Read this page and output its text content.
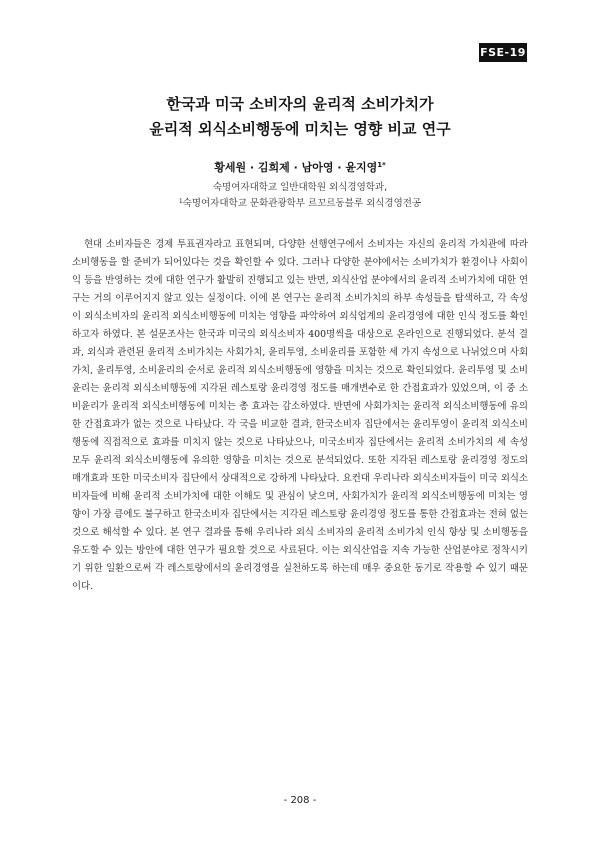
FSE-19
한국과 미국 소비자의 윤리적 소비가치가
윤리적 외식소비행동에 미치는 영향 비교 연구
황세원 · 김희제 · 남아영 · 윤지영$^{1*}$
숙명여자대학교 일반대학원 외식경영학과,
$^1$숙명여자대학교 문화관광학부 르꼬르동블루 외식경영전공

현대 소비자들은 경제 투표권자라고 표현되며, 다양한 선행연구에서 소비자는 자신의 윤리적 가치관에 따라 소비행동을 할 준비가 되어있다는 것을 확인할 수 있다. 그러나 다양한 분야에서는 소비가치가 환경이나 사회이익 등을 반영하는 것에 대한 연구가 활발히 진행되고 있는 반면, 외식산업 분야에서의 윤리적 소비가치에 대한 연구는 거의 이루어지지 않고 있는 실정이다. 이에 본 연구는 윤리적 소비가치의 하부 속성들을 탐색하고, 각 속성이 외식소비자의 윤리적 외식소비행동에 미치는 영향을 파악하여 외식업계의 윤리경영에 대한 인식 정도를 확인하고자 하였다. 본 설문조사는 한국과 미국의 외식소비자 400명씩을 대상으로 온라인으로 진행되었다. 분석 결과, 외식과 관련된 윤리적 소비가치는 사회가치, 윤리투영, 소비윤리를 포함한 세 가지 속성으로 나뉘었으며 사회가치, 윤리투영, 소비윤리의 순서로 윤리적 외식소비행동에 영향을 미치는 것으로 확인되었다. 윤리투영 및 소비윤리는 윤리적 외식소비행동에 지각된 레스토랑 윤리경영 정도를 매개변수로 한 간접효과가 있었으며, 이 중 소비윤리가 윤리적 외식소비행동에 미치는 총 효과는 감소하였다. 반면에 사회가치는 윤리적 외식소비행동에 유의한 간접효과가 없는 것으로 나타났다. 각 국을 비교한 결과, 한국소비자 집단에서는 윤리투영이 윤리적 외식소비행동에 직접적으로 효과를 미치지 않는 것으로 나타났으나, 미국소비자 집단에서는 윤리적 소비가치의 세 속성 모두 윤리적 외식소비행동에 유의한 영향을 미치는 것으로 분석되었다. 또한 지각된 레스토랑 윤리경영 정도의 매개효과 또한 미국소비자 집단에서 상대적으로 강하게 나타났다. 요컨대 우리나라 외식소비자들이 미국 외식소비자들에 비해 윤리적 소비가치에 대한 이해도 및 관심이 낮으며, 사회가치가 윤리적 외식소비행동에 미치는 영향이 가장 큼에도 불구하고 한국소비자 집단에서는 지각된 레스토랑 윤리경영 정도를 통한 간접효과는 전혀 없는 것으로 해석할 수 있다. 본 연구 결과를 통해 우리나라 외식 소비자의 윤리적 소비가치 인식 향상 및 소비행동을 유도할 수 있는 방안에 대한 연구가 필요할 것으로 사료된다. 이는 외식산업을 지속 가능한 산업분야로 정착시키기 위한 일환으로써 각 레스토랑에서의 윤리경영을 실천하도록 하는데 매우 중요한 동기로 작용할 수 있기 때문이다.

- 208 -
